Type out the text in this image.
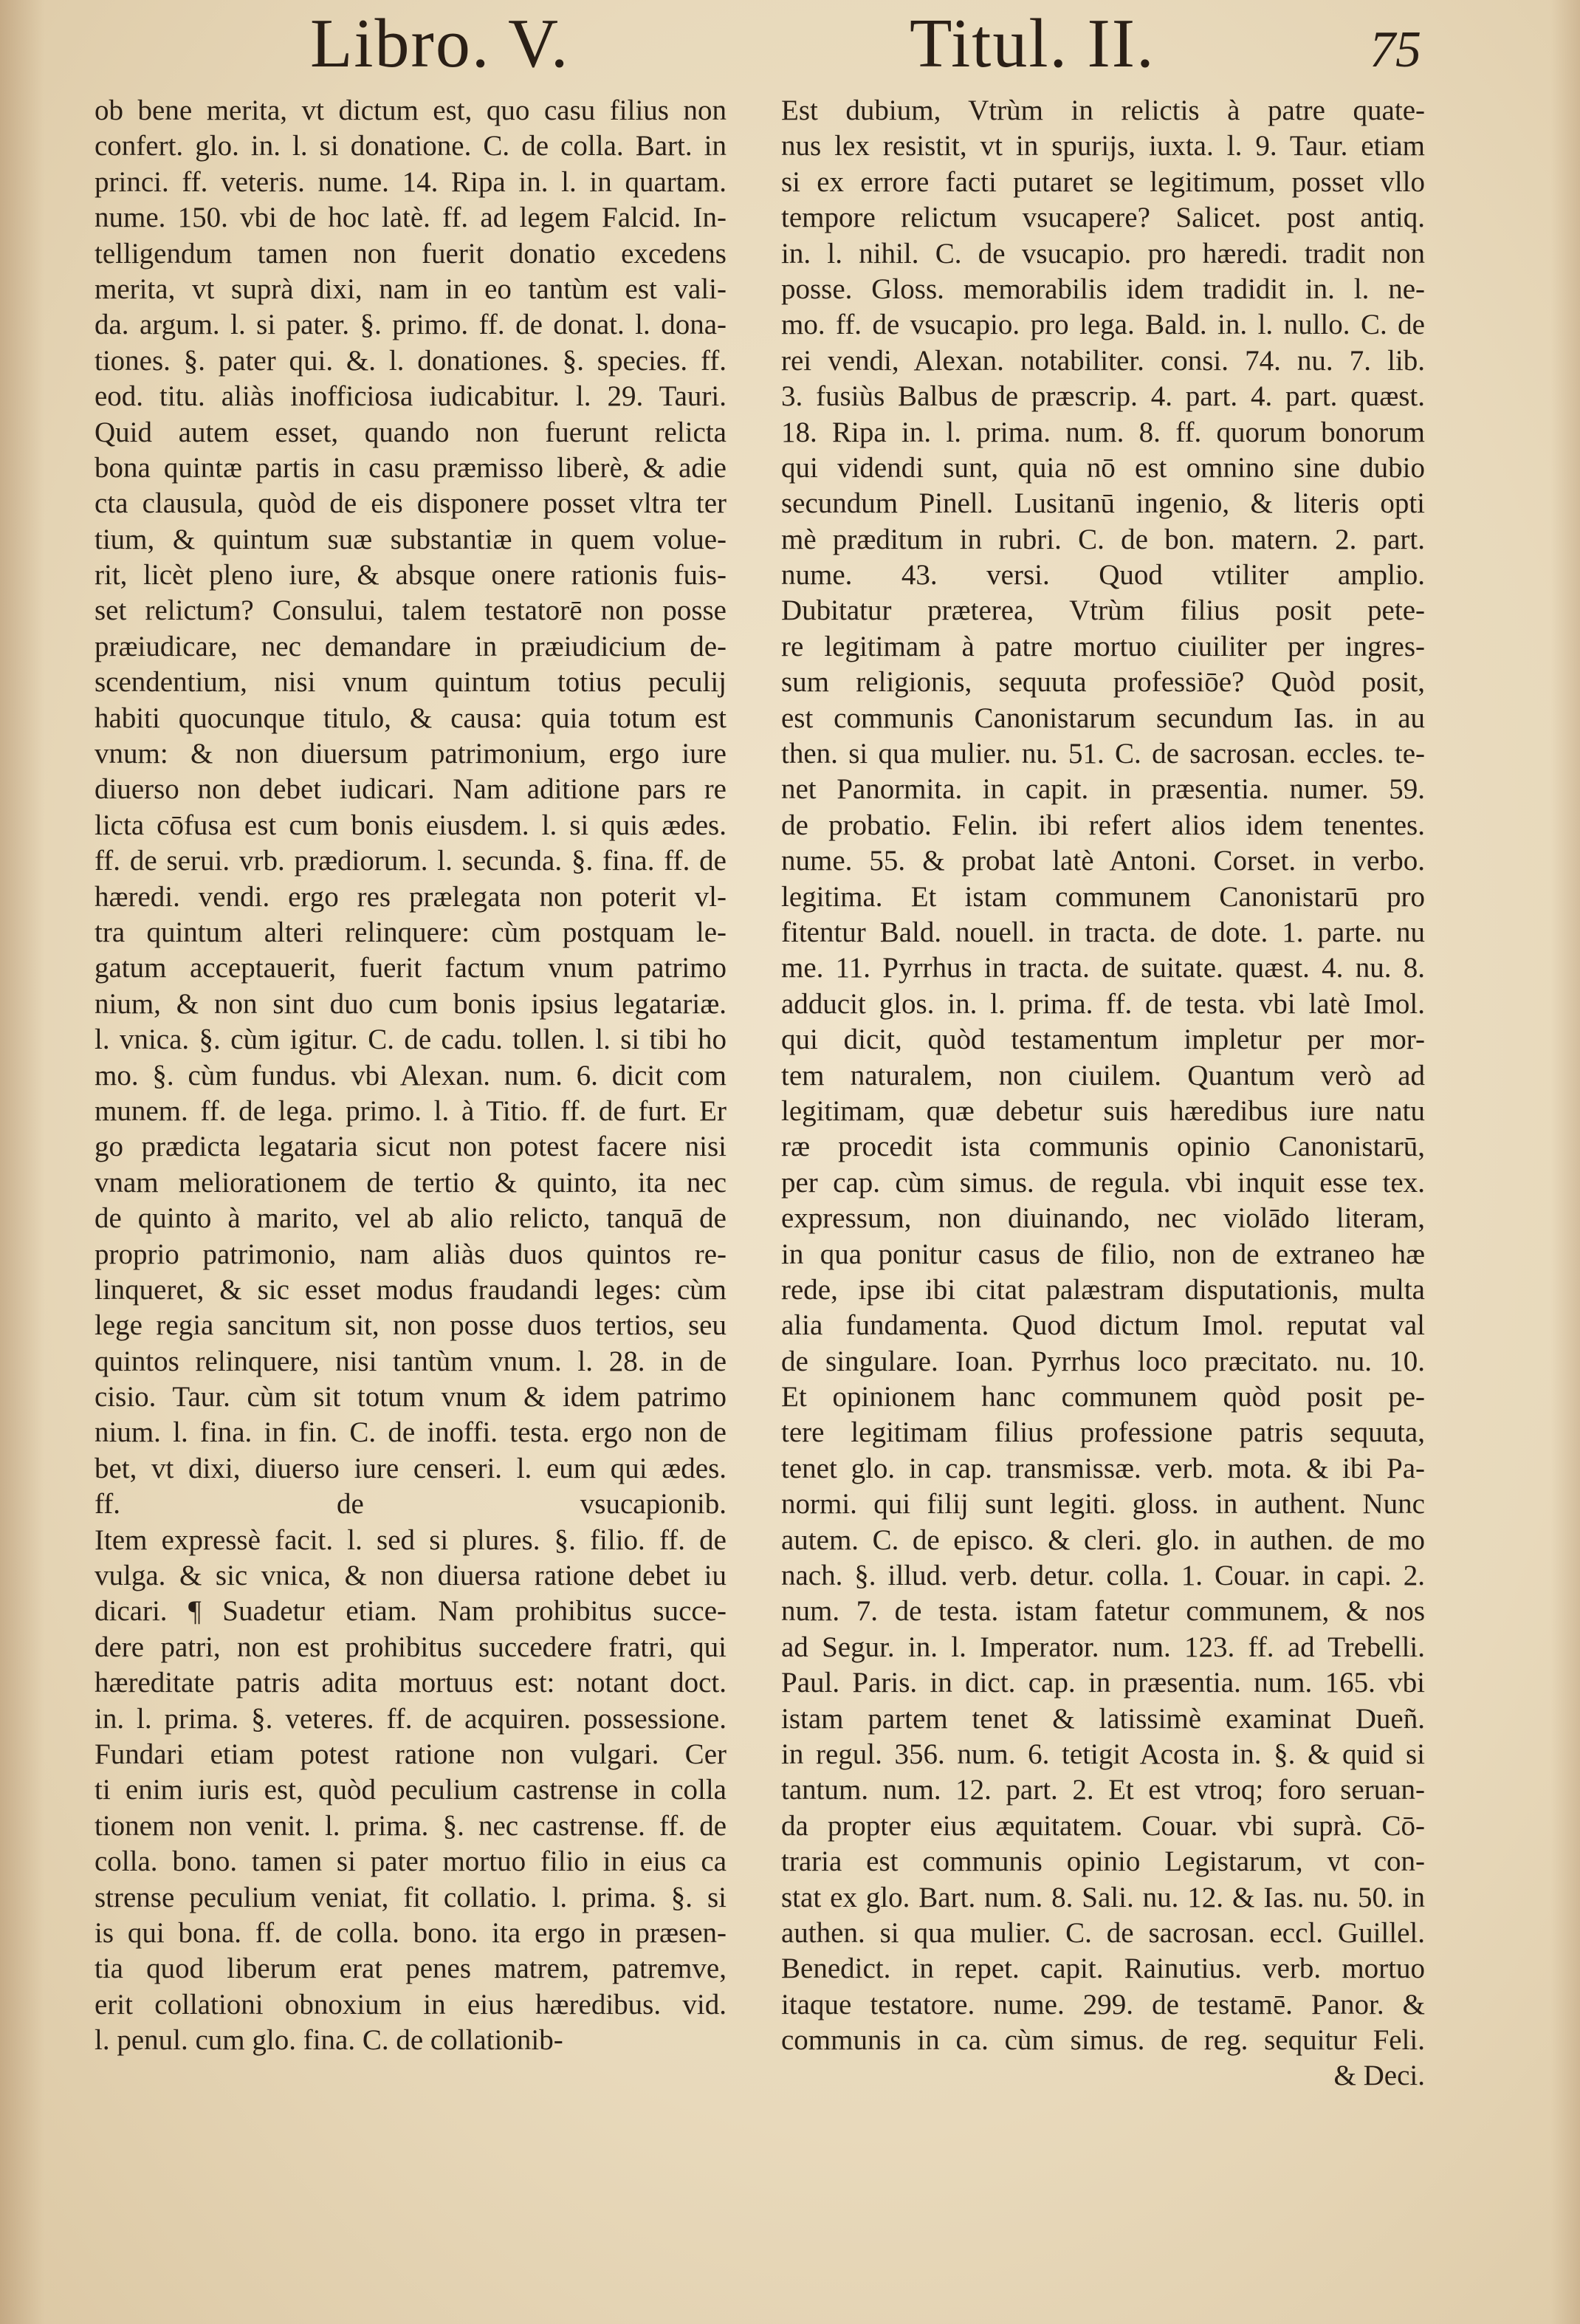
Libro. V.	Titul. II.	75
ob bene merita, vt dictum est, quo casu filius non
confert. glo. in. l. si donatione. C. de colla. Bart. in
princi. ff. veteris. nume. 14. Ripa in. l. in quartam.
nume. 150. vbi de hoc latè. ff. ad legem Falcid. In-
telligendum tamen non fuerit donatio excedens
merita, vt suprà dixi, nam in eo tantùm est vali-
da. argum. l. si pater. §. primo. ff. de donat. l. dona-
tiones. §. pater qui. &. l. donationes. §. species. ff.
eod. titu. aliàs inofficiosa iudicabitur. l. 29. Tauri.
Quid autem esset, quando non fuerunt relicta
bona quintæ partis in casu præmisso liberè, & adie
cta clausula, quòd de eis disponere posset vltra ter
tium, & quintum suæ substantiæ in quem volue-
rit, licèt pleno iure, & absque onere rationis fuis-
set relictum? Consului, talem testatorē non posse
præiudicare, nec demandare in præiudicium de-
scendentium, nisi vnum quintum totius peculij
habiti quocunque titulo, & causa: quia totum est
vnum: & non diuersum patrimonium, ergo iure
diuerso non debet iudicari. Nam aditione pars re
licta cōfusa est cum bonis eiusdem. l. si quis ædes.
ff. de serui. vrb. prædiorum. l. secunda. §. fina. ff. de
hæredi. vendi. ergo res prælegata non poterit vl-
tra quintum alteri relinquere: cùm postquam le-
gatum acceptauerit, fuerit factum vnum patrimo
nium, & non sint duo cum bonis ipsius legatariæ.
l. vnica. §. cùm igitur. C. de cadu. tollen. l. si tibi ho
mo. §. cùm fundus. vbi Alexan. num. 6. dicit com
munem. ff. de lega. primo. l. à Titio. ff. de furt. Er
go prædicta legataria sicut non potest facere nisi
vnam meliorationem de tertio & quinto, ita nec
de quinto à marito, vel ab alio relicto, tanquā de
proprio patrimonio, nam aliàs duos quintos re-
linqueret, & sic esset modus fraudandi leges: cùm
lege regia sancitum sit, non posse duos tertios, seu
quintos relinquere, nisi tantùm vnum. l. 28. in de
cisio. Taur. cùm sit totum vnum & idem patrimo
nium. l. fina. in fin. C. de inoffi. testa. ergo non de
bet, vt dixi, diuerso iure censeri. l. eum qui ædes.
ff. de vsucapionib.
Item expressè facit. l. sed si plures. §. filio. ff. de
vulga. & sic vnica, & non diuersa ratione debet iu
dicari. ¶ Suadetur etiam. Nam prohibitus succe-
dere patri, non est prohibitus succedere fratri, qui
hæreditate patris adita mortuus est: notant doct.
in. l. prima. §. veteres. ff. de acquiren. possessione.
Fundari etiam potest ratione non vulgari. Cer
ti enim iuris est, quòd peculium castrense in colla
tionem non venit. l. prima. §. nec castrense. ff. de
colla. bono. tamen si pater mortuo filio in eius ca
strense peculium veniat, fit collatio. l. prima. §. si
is qui bona. ff. de colla. bono. ita ergo in præsen-
tia quod liberum erat penes matrem, patremve,
erit collationi obnoxium in eius hæredibus. vid.
l. penul. cum glo. fina. C. de collationib-
Est dubium, Vtrùm in relictis à patre quate-
nus lex resistit, vt in spurijs, iuxta. l. 9. Taur. etiam
si ex errore facti putaret se legitimum, posset vllo
tempore relictum vsucapere? Salicet. post antiq.
in. l. nihil. C. de vsucapio. pro hæredi. tradit non
posse. Gloss. memorabilis idem tradidit in. l. ne-
mo. ff. de vsucapio. pro lega. Bald. in. l. nullo. C. de
rei vendi, Alexan. notabiliter. consi. 74. nu. 7. lib.
3. fusiùs Balbus de præscrip. 4. part. 4. part. quæst.
18. Ripa in. l. prima. num. 8. ff. quorum bonorum
qui videndi sunt, quia nō est omnino sine dubio
secundum Pinell. Lusitanū ingenio, & literis opti
mè præditum in rubri. C. de bon. matern. 2. part.
nume. 43. versi. Quod vtiliter amplio.
Dubitatur præterea, Vtrùm filius posit pete-
re legitimam à patre mortuo ciuiliter per ingres-
sum religionis, sequuta professiōe? Quòd posit,
est communis Canonistarum secundum Ias. in au
then. si qua mulier. nu. 51. C. de sacrosan. eccles. te-
net Panormita. in capit. in præsentia. numer. 59.
de probatio. Felin. ibi refert alios idem tenentes.
nume. 55. & probat latè Antoni. Corset. in verbo.
legitima. Et istam communem Canonistarū pro
fitentur Bald. nouell. in tracta. de dote. 1. parte. nu
me. 11. Pyrrhus in tracta. de suitate. quæst. 4. nu. 8.
adducit glos. in. l. prima. ff. de testa. vbi latè Imol.
qui dicit, quòd testamentum impletur per mor-
tem naturalem, non ciuilem. Quantum verò ad
legitimam, quæ debetur suis hæredibus iure natu
ræ procedit ista communis opinio Canonistarū,
per cap. cùm simus. de regula. vbi inquit esse tex.
expressum, non diuinando, nec violādo literam,
in qua ponitur casus de filio, non de extraneo hæ
rede, ipse ibi citat palæstram disputationis, multa
alia fundamenta. Quod dictum Imol. reputat val
de singulare. Ioan. Pyrrhus loco præcitato. nu. 10.
Et opinionem hanc communem quòd posit pe-
tere legitimam filius professione patris sequuta,
tenet glo. in cap. transmissæ. verb. mota. & ibi Pa-
normi. qui filij sunt legiti. gloss. in authent. Nunc
autem. C. de episco. & cleri. glo. in authen. de mo
nach. §. illud. verb. detur. colla. 1. Couar. in capi. 2.
num. 7. de testa. istam fatetur communem, & nos
ad Segur. in. l. Imperator. num. 123. ff. ad Trebelli.
Paul. Paris. in dict. cap. in præsentia. num. 165. vbi
istam partem tenet & latissimè examinat Dueñ.
in regul. 356. num. 6. tetigit Acosta in. §. & quid si
tantum. num. 12. part. 2. Et est vtroq; foro seruan-
da propter eius æquitatem. Couar. vbi suprà. Cō-
traria est communis opinio Legistarum, vt con-
stat ex glo. Bart. num. 8. Sali. nu. 12. & Ias. nu. 50. in
authen. si qua mulier. C. de sacrosan. eccl. Guillel.
Benedict. in repet. capit. Rainutius. verb. mortuo
itaque testatore. nume. 299. de testamē. Panor. &
communis in ca. cùm simus. de reg. sequitur Feli.
& Deci.
